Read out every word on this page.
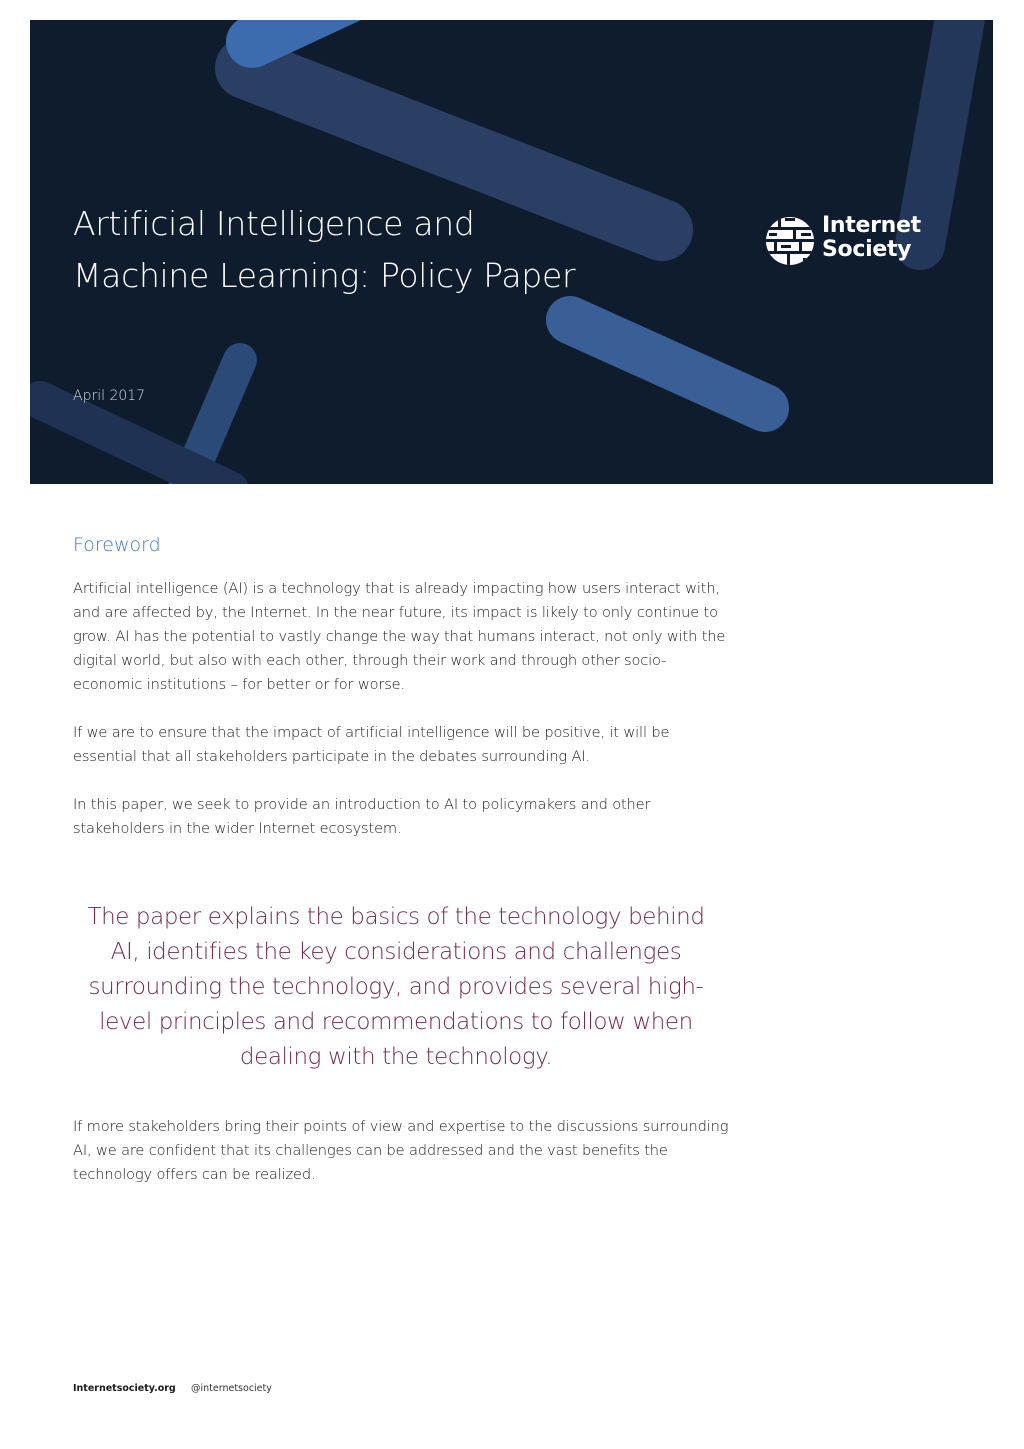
Artificial Intelligence and
Machine Learning: Policy Paper
April 2017
Internet
Society
Foreword

Artificial intelligence (AI) is a technology that is already impacting how users interact with, and are affected by, the Internet. In the near future, its impact is likely to only continue to grow. AI has the potential to vastly change the way that humans interact, not only with the digital world, but also with each other, through their work and through other socio-economic institutions – for better or for worse.

If we are to ensure that the impact of artificial intelligence will be positive, it will be essential that all stakeholders participate in the debates surrounding AI.

In this paper, we seek to provide an introduction to AI to policymakers and other stakeholders in the wider Internet ecosystem.

The paper explains the basics of the technology behind AI, identifies the key considerations and challenges surrounding the technology, and provides several high-level principles and recommendations to follow when dealing with the technology.

If more stakeholders bring their points of view and expertise to the discussions surrounding AI, we are confident that its challenges can be addressed and the vast benefits the technology offers can be realized.

Internetsociety.org @internetsociety
